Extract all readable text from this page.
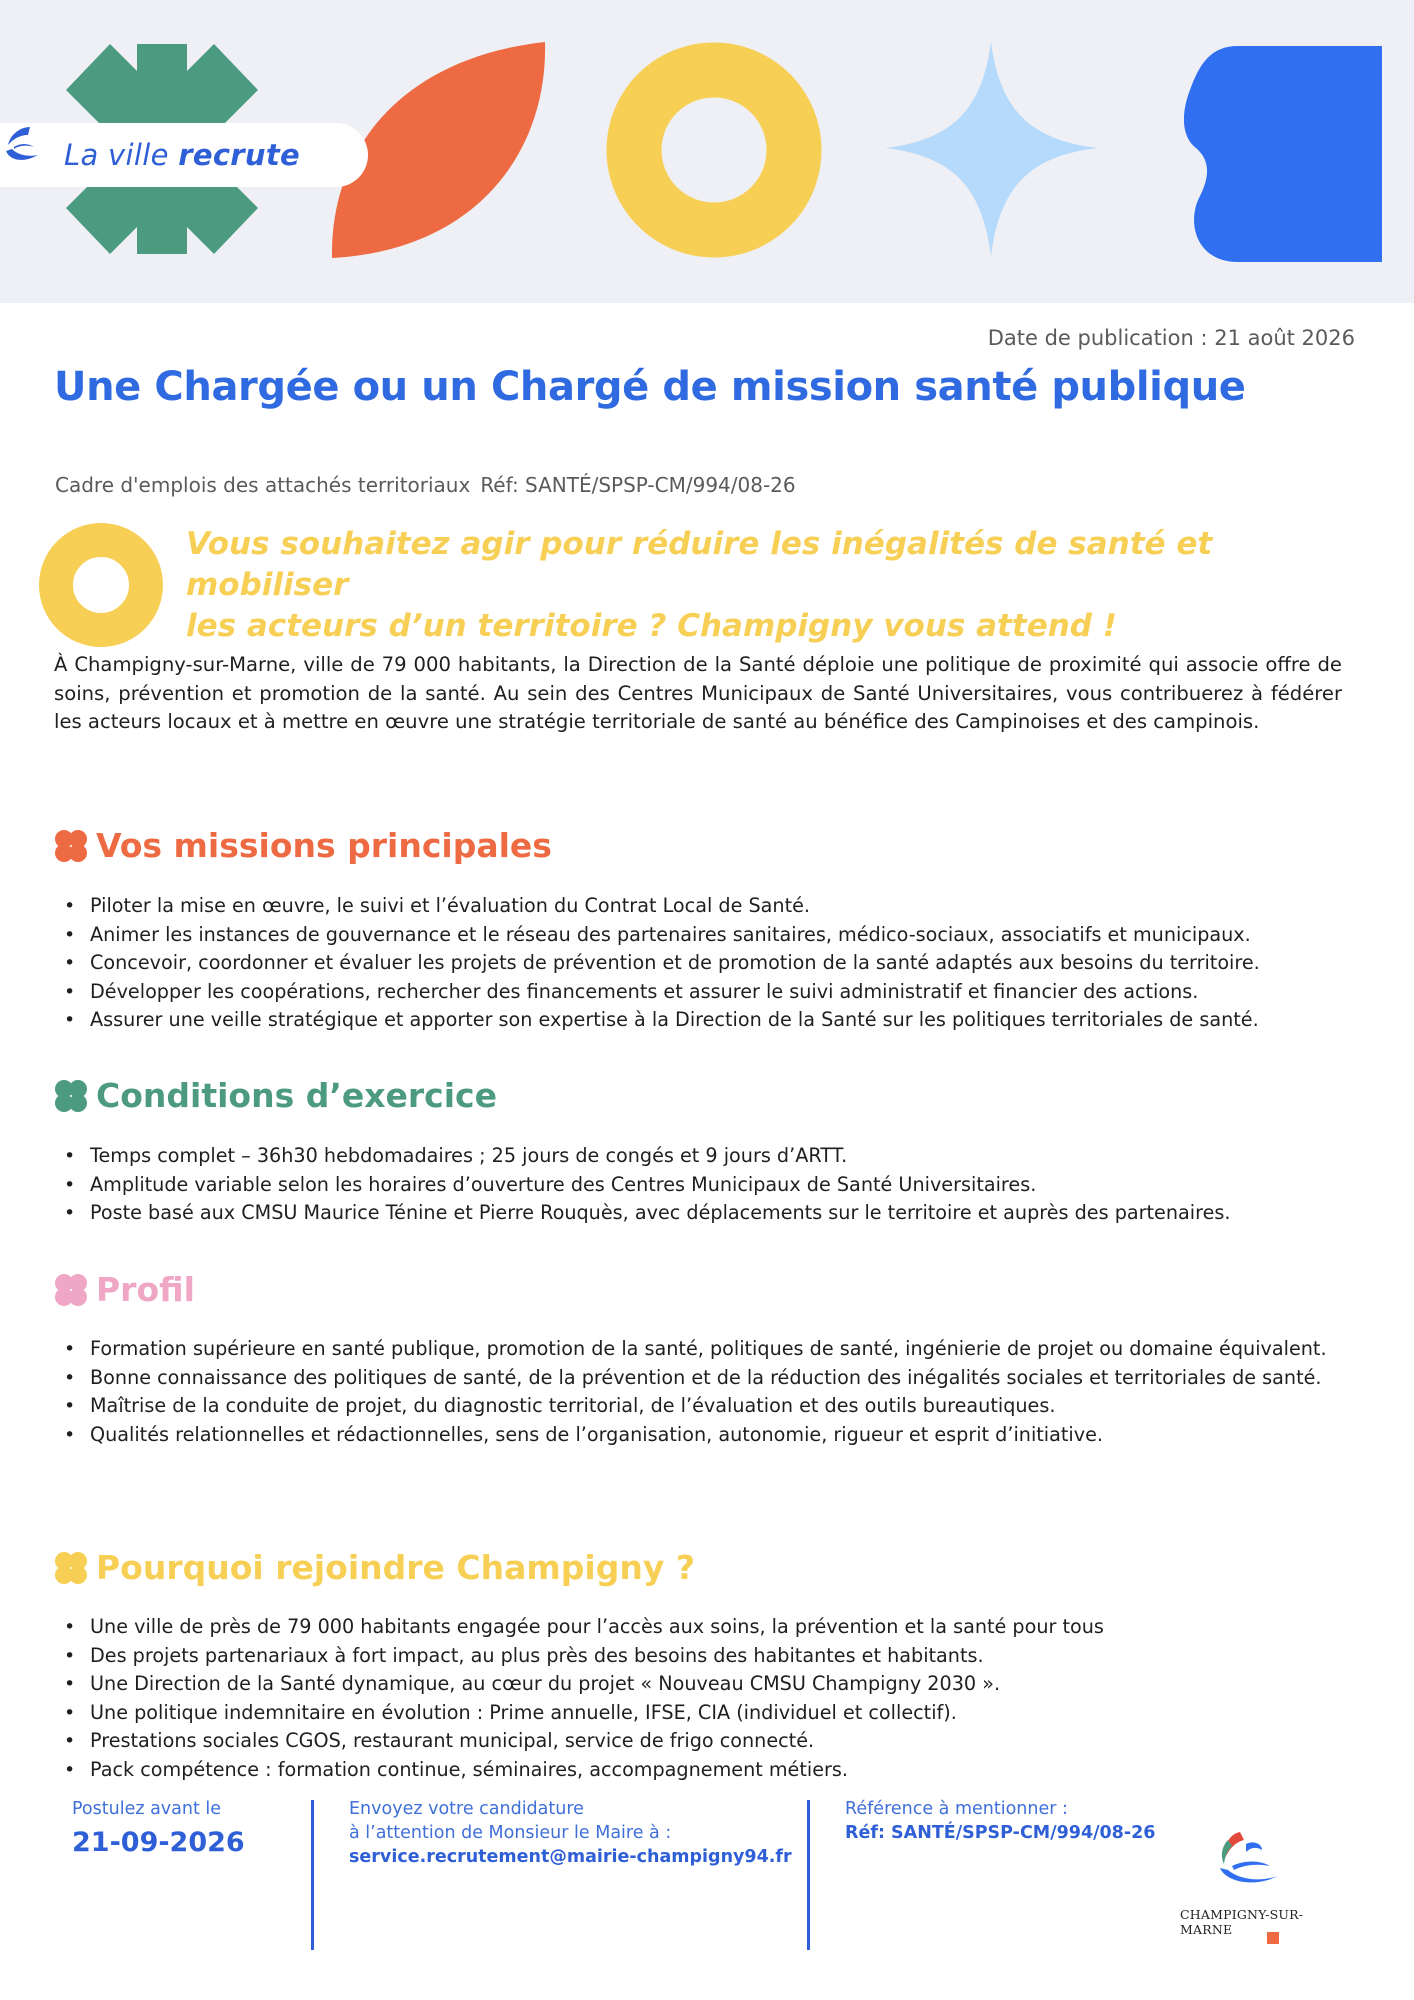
La ville recrute
Date de publication : 21 août 2026
Une Chargée ou un Chargé de mission santé publique
Cadre d'emplois des attachés territoriaux Réf: SANTÉ/SPSP-CM/994/08-26
Vous souhaitez agir pour réduire les inégalités de santé et mobiliser
les acteurs d’un territoire ? Champigny vous attend !

À Champigny-sur-Marne, ville de 79 000 habitants, la Direction de la Santé déploie une politique de proximité qui associe offre de soins, prévention et promotion de la santé. Au sein des Centres Municipaux de Santé Universitaires, vous contribuerez à fédérer les acteurs locaux et à mettre en œuvre une stratégie territoriale de santé au bénéfice des Campinoises et des campinois.

Vos missions principales
• Piloter la mise en œuvre, le suivi et l’évaluation du Contrat Local de Santé.
• Animer les instances de gouvernance et le réseau des partenaires sanitaires, médico-sociaux, associatifs et municipaux.
• Concevoir, coordonner et évaluer les projets de prévention et de promotion de la santé adaptés aux besoins du territoire.
• Développer les coopérations, rechercher des financements et assurer le suivi administratif et financier des actions.
• Assurer une veille stratégique et apporter son expertise à la Direction de la Santé sur les politiques territoriales de santé.
Conditions d’exercice
• Temps complet – 36h30 hebdomadaires ; 25 jours de congés et 9 jours d’ARTT.
• Amplitude variable selon les horaires d’ouverture des Centres Municipaux de Santé Universitaires.
• Poste basé aux CMSU Maurice Ténine et Pierre Rouquès, avec déplacements sur le territoire et auprès des partenaires.
Profil
• Formation supérieure en santé publique, promotion de la santé, politiques de santé, ingénierie de projet ou domaine équivalent.
• Bonne connaissance des politiques de santé, de la prévention et de la réduction des inégalités sociales et territoriales de santé.
• Maîtrise de la conduite de projet, du diagnostic territorial, de l’évaluation et des outils bureautiques.
• Qualités relationnelles et rédactionnelles, sens de l’organisation, autonomie, rigueur et esprit d’initiative.
Pourquoi rejoindre Champigny ?
• Une ville de près de 79 000 habitants engagée pour l’accès aux soins, la prévention et la santé pour tous
• Des projets partenariaux à fort impact, au plus près des besoins des habitantes et habitants.
• Une Direction de la Santé dynamique, au cœur du projet « Nouveau CMSU Champigny 2030 ».
• Une politique indemnitaire en évolution : Prime annuelle, IFSE, CIA (individuel et collectif).
• Prestations sociales CGOS, restaurant municipal, service de frigo connecté.
• Pack compétence : formation continue, séminaires, accompagnement métiers.
Postulez avant le
21-09-2026
Envoyez votre candidature
à l’attention de Monsieur le Maire à :
service.recrutement@mairie-champigny94.fr
Référence à mentionner :
Réf: SANTÉ/SPSP-CM/994/08-26
CHAMPIGNY-SUR-MARNE
